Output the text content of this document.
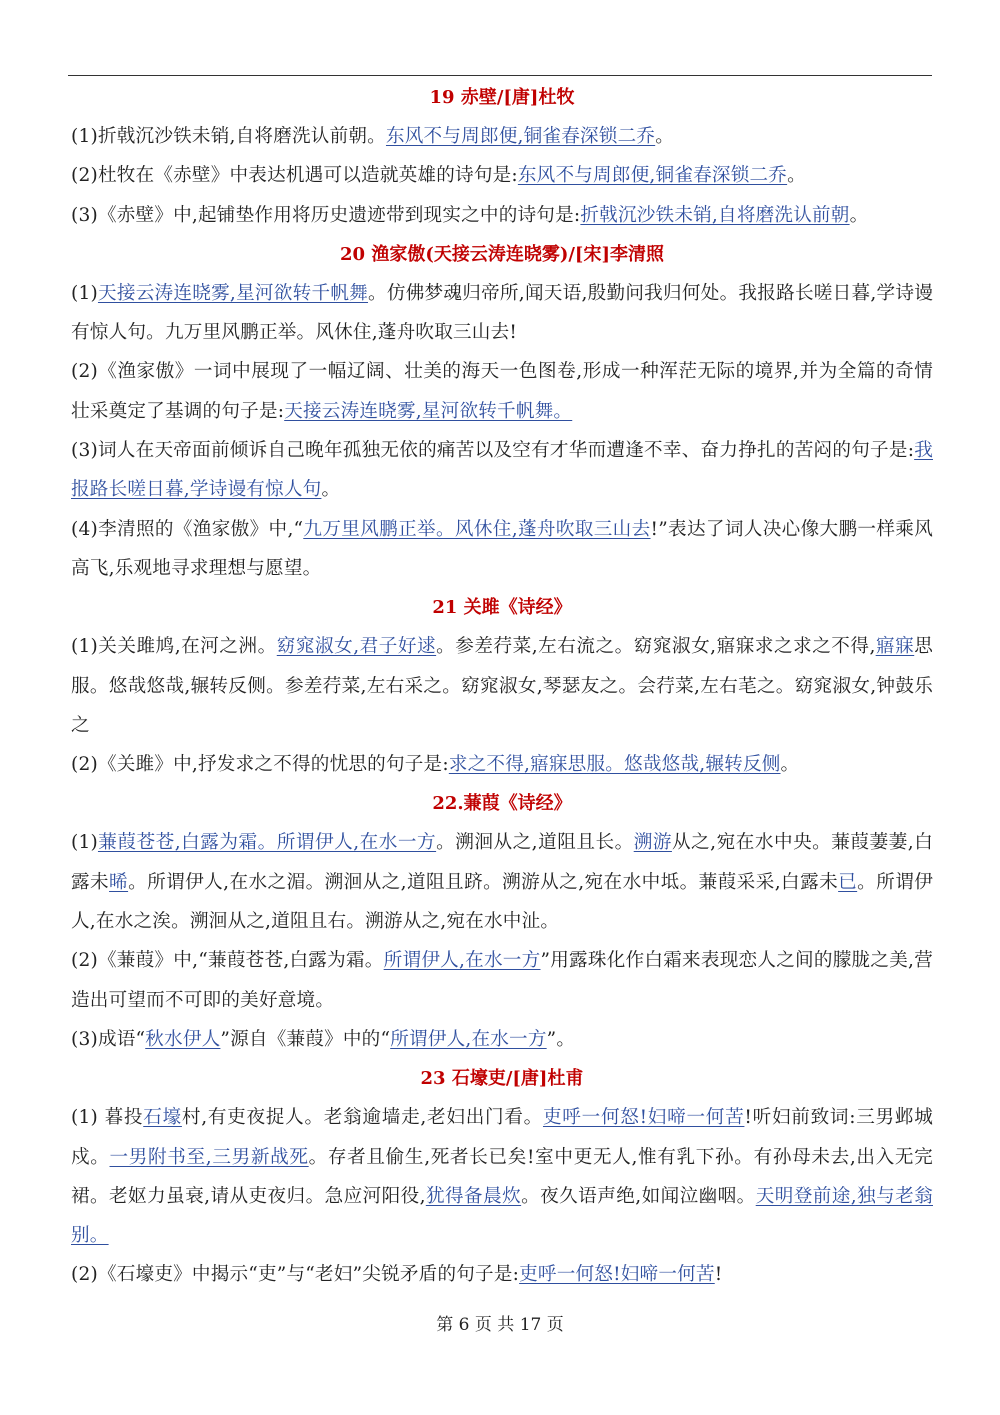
19 赤壁/[唐]杜牧
(1)折戟沉沙铁未销,自将磨洗认前朝。东风不与周郎便,铜雀春深锁二乔。
(2)杜牧在《赤壁》中表达机遇可以造就英雄的诗句是:东风不与周郎便,铜雀春深锁二乔。
(3)《赤壁》中,起铺垫作用将历史遗迹带到现实之中的诗句是:折戟沉沙铁未销,自将磨洗认前朝。
20 渔家傲(天接云涛连晓雾)/[宋]李清照
(1)天接云涛连晓雾,星河欲转千帆舞。仿佛梦魂归帝所,闻天语,殷勤问我归何处。我报路长嗟日暮,学诗谩有惊人句。九万里风鹏正举。风休住,蓬舟吹取三山去!
(2)《渔家傲》一词中展现了一幅辽阔、壮美的海天一色图卷,形成一种浑茫无际的境界,并为全篇的奇情壮采奠定了基调的句子是:天接云涛连晓雾,星河欲转千帆舞。
(3)词人在天帝面前倾诉自己晚年孤独无依的痛苦以及空有才华而遭逢不幸、奋力挣扎的苦闷的句子是:我报路长嗟日暮,学诗谩有惊人句。
(4)李清照的《渔家傲》中,“九万里风鹏正举。风休住,蓬舟吹取三山去!”表达了词人决心像大鹏一样乘风高飞,乐观地寻求理想与愿望。
21 关雎《诗经》
(1)关关雎鸠,在河之洲。窈窕淑女,君子好逑。参差荇菜,左右流之。窈窕淑女,寤寐求之求之不得,寤寐思服。悠哉悠哉,辗转反侧。参差荇菜,左右采之。窈窕淑女,琴瑟友之。会荇菜,左右芼之。窈窕淑女,钟鼓乐之
(2)《关雎》中,抒发求之不得的忧思的句子是:求之不得,寤寐思服。悠哉悠哉,辗转反侧。
22.蒹葭《诗经》
(1)蒹葭苍苍,白露为霜。所谓伊人,在水一方。溯洄从之,道阻且长。溯游从之,宛在水中央。蒹葭萋萋,白露未晞。所谓伊人,在水之湄。溯洄从之,道阻且跻。溯游从之,宛在水中坻。蒹葭采采,白露未已。所谓伊人,在水之涘。溯洄从之,道阻且右。溯游从之,宛在水中沚。
(2)《蒹葭》中,“蒹葭苍苍,白露为霜。所谓伊人,在水一方”用露珠化作白霜来表现恋人之间的朦胧之美,营造出可望而不可即的美好意境。
(3)成语“秋水伊人”源自《蒹葭》中的“所谓伊人,在水一方”。
23 石壕吏/[唐]杜甫
(1) 暮投石壕村,有吏夜捉人。老翁逾墙走,老妇出门看。吏呼一何怒!妇啼一何苦!听妇前致词:三男邺城戍。一男附书至,三男新战死。存者且偷生,死者长已矣!室中更无人,惟有乳下孙。有孙母未去,出入无完裙。老妪力虽衰,请从吏夜归。急应河阳役,犹得备晨炊。夜久语声绝,如闻泣幽咽。天明登前途,独与老翁别。
(2)《石壕吏》中揭示“吏”与“老妇”尖锐矛盾的句子是:吏呼一何怒!妇啼一何苦!
第 6 页 共 17 页
